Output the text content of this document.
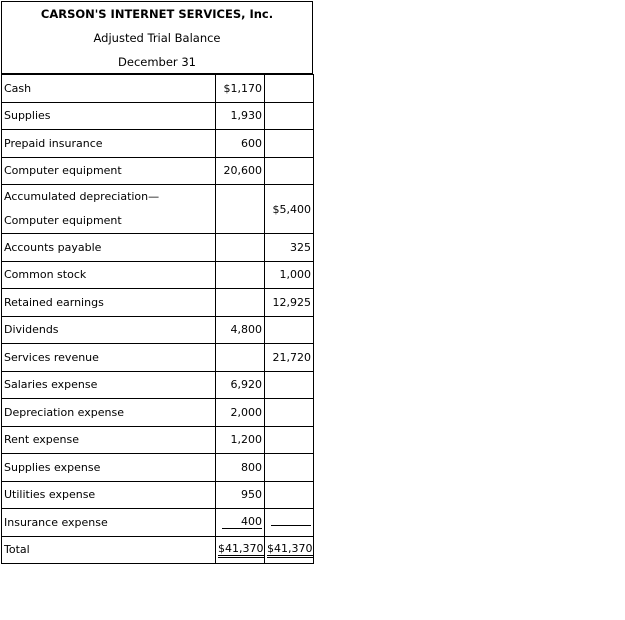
CARSON'S INTERNET SERVICES, Inc.
Adjusted Trial Balance
December 31
Cash	$1,170	
Supplies	1,930	
Prepaid insurance	600	
Computer equipment	20,600	

Accumulated depreciation—
Computer equipment		$5,400
Accounts payable		325
Common stock		1,000
Retained earnings		12,925
Dividends	4,800	
Services revenue		21,720
Salaries expense	6,920	
Depreciation expense	2,000	
Rent expense	1,200	
Supplies expense	800	
Utilities expense	950	
Insurance expense	400	
Total	$41,370	$41,370
